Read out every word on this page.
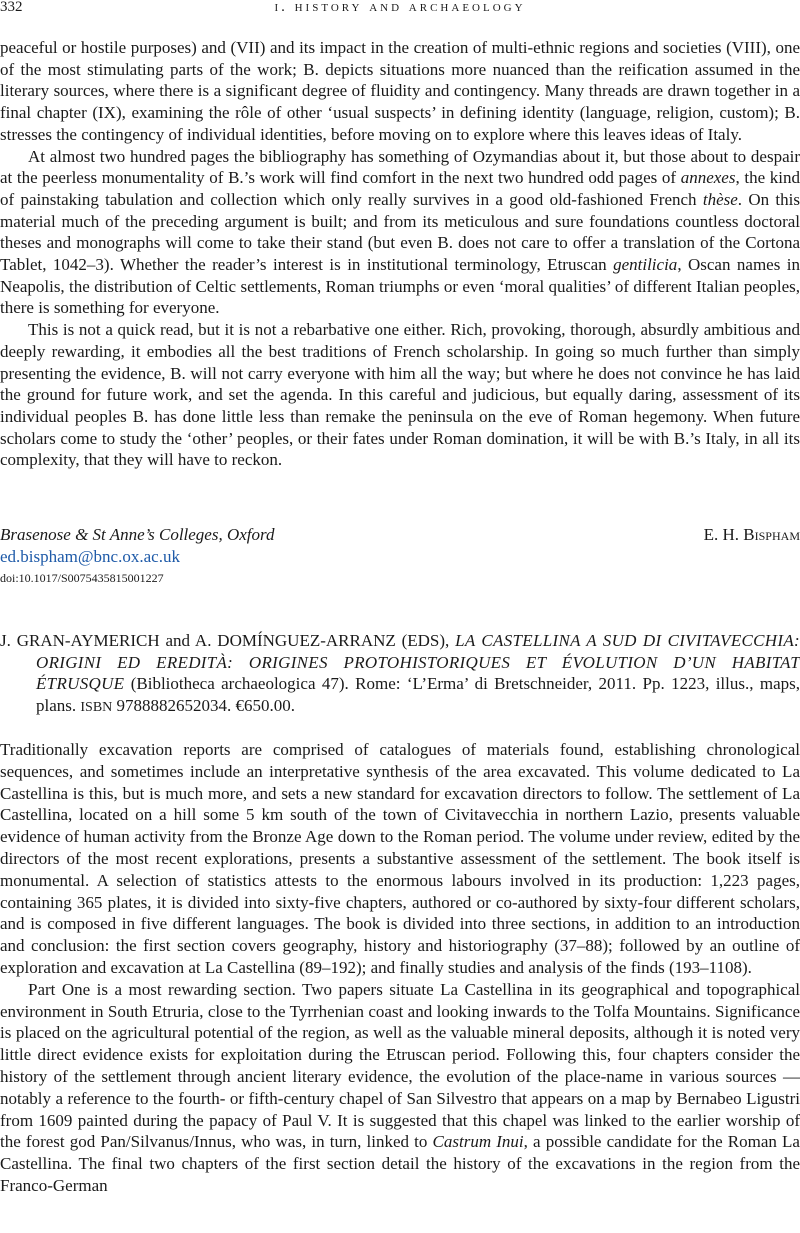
332	i. history and archaeology

peaceful or hostile purposes) and (VII) and its impact in the creation of multi-ethnic regions and societies (VIII), one of the most stimulating parts of the work; B. depicts situations more nuanced than the reification assumed in the literary sources, where there is a significant degree of fluidity and contingency. Many threads are drawn together in a final chapter (IX), examining the rôle of other ‘usual suspects’ in defining identity (language, religion, custom); B. stresses the contingency of individual identities, before moving on to explore where this leaves ideas of Italy.

At almost two hundred pages the bibliography has something of Ozymandias about it, but those about to despair at the peerless monumentality of B.’s work will find comfort in the next two hundred odd pages of annexes, the kind of painstaking tabulation and collection which only really survives in a good old-fashioned French thèse. On this material much of the preceding argument is built; and from its meticulous and sure foundations countless doctoral theses and monographs will come to take their stand (but even B. does not care to offer a translation of the Cortona Tablet, 1042–3). Whether the reader’s interest is in institutional terminology, Etruscan gentilicia, Oscan names in Neapolis, the distribution of Celtic settlements, Roman triumphs or even ‘moral qualities’ of different Italian peoples, there is something for everyone.

This is not a quick read, but it is not a rebarbative one either. Rich, provoking, thorough, absurdly ambitious and deeply rewarding, it embodies all the best traditions of French scholarship. In going so much further than simply presenting the evidence, B. will not carry everyone with him all the way; but where he does not convince he has laid the ground for future work, and set the agenda. In this careful and judicious, but equally daring, assessment of its individual peoples B. has done little less than remake the peninsula on the eve of Roman hegemony. When future scholars come to study the ‘other’ peoples, or their fates under Roman domination, it will be with B.’s Italy, in all its complexity, that they will have to reckon.

Brasenose & St Anne’s Colleges, Oxford	E. H. Bispham
ed.bispham@bnc.ox.ac.uk
doi:10.1017/S0075435815001227
J. GRAN-AYMERICH and A. DOMÍNGUEZ-ARRANZ (EDS), LA CASTELLINA A SUD DI CIVITAVECCHIA: ORIGINI ED EREDITÀ: ORIGINES PROTOHISTORIQUES ET ÉVOLUTION D’UN HABITAT ÉTRUSQUE (Bibliotheca archaeologica 47). Rome: ‘L’Erma’ di Bretschneider, 2011. Pp. 1223, illus., maps, plans. ISBN 9788882652034. €650.00.

Traditionally excavation reports are comprised of catalogues of materials found, establishing chronological sequences, and sometimes include an interpretative synthesis of the area excavated. This volume dedicated to La Castellina is this, but is much more, and sets a new standard for excavation directors to follow. The settlement of La Castellina, located on a hill some 5 km south of the town of Civitavecchia in northern Lazio, presents valuable evidence of human activity from the Bronze Age down to the Roman period. The volume under review, edited by the directors of the most recent explorations, presents a substantive assessment of the settlement. The book itself is monumental. A selection of statistics attests to the enormous labours involved in its production: 1,223 pages, containing 365 plates, it is divided into sixty-five chapters, authored or co-authored by sixty-four different scholars, and is composed in five different languages. The book is divided into three sections, in addition to an introduction and conclusion: the first section covers geography, history and historiography (37–88); followed by an outline of exploration and excavation at La Castellina (89–192); and finally studies and analysis of the finds (193–1108).

Part One is a most rewarding section. Two papers situate La Castellina in its geographical and topographical environment in South Etruria, close to the Tyrrhenian coast and looking inwards to the Tolfa Mountains. Significance is placed on the agricultural potential of the region, as well as the valuable mineral deposits, although it is noted very little direct evidence exists for exploitation during the Etruscan period. Following this, four chapters consider the history of the settlement through ancient literary evidence, the evolution of the place-name in various sources — notably a reference to the fourth- or fifth-century chapel of San Silvestro that appears on a map by Bernabeo Ligustri from 1609 painted during the papacy of Paul V. It is suggested that this chapel was linked to the earlier worship of the forest god Pan/Silvanus/Innus, who was, in turn, linked to Castrum Inui, a possible candidate for the Roman La Castellina. The final two chapters of the first section detail the history of the excavations in the region from the Franco-German
